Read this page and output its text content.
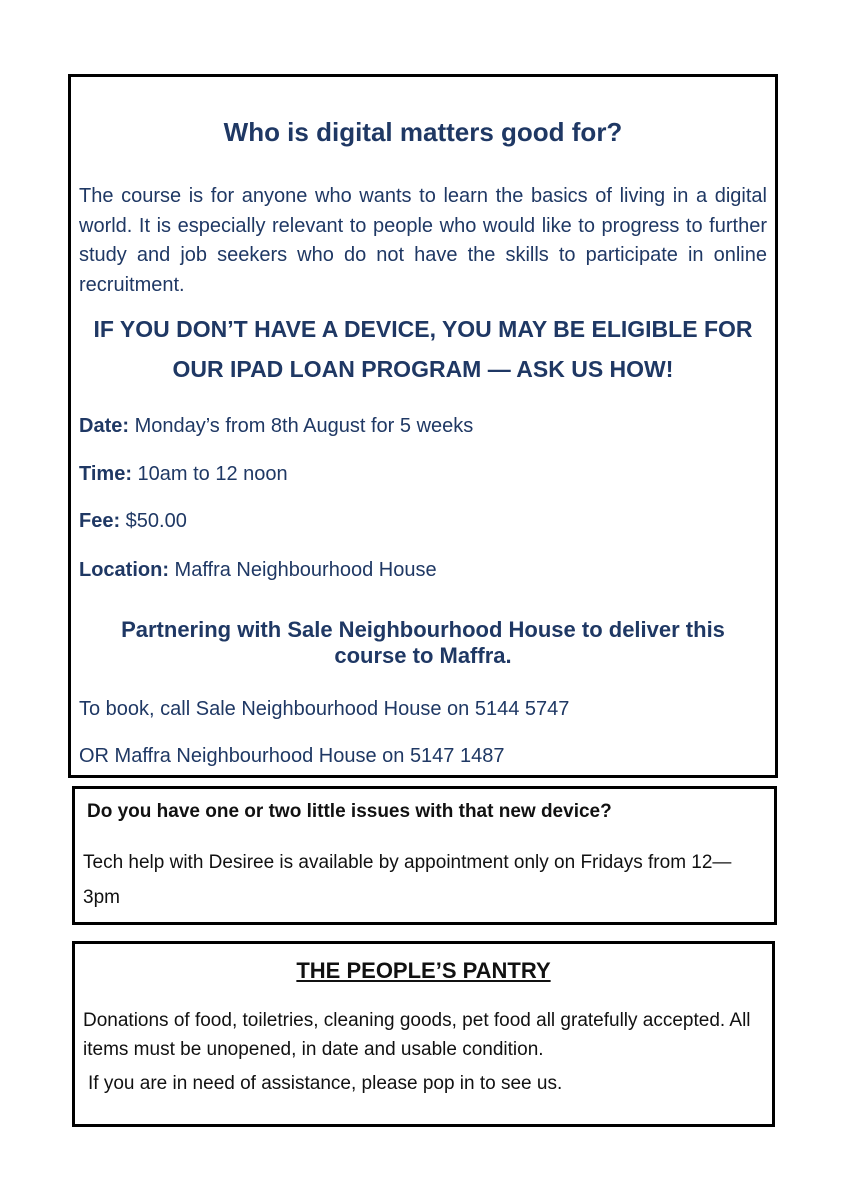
Who is digital matters good for?
The course is for anyone who wants to learn the basics of living in a digital world. It is especially relevant to people who would like to progress to further study and job seekers who do not have the skills to participate in online recruitment.
IF YOU DON’T HAVE A DEVICE, YOU MAY BE ELIGIBLE FOR
OUR IPAD LOAN PROGRAM — ASK US HOW!
Date: Monday’s from 8th August for 5 weeks
Time: 10am to 12 noon
Fee: $50.00
Location: Maffra Neighbourhood House
Partnering with Sale Neighbourhood House to deliver this
course to Maffra.
To book, call Sale Neighbourhood House on 5144 5747
OR Maffra Neighbourhood House on 5147 1487
Do you have one or two little issues with that new device?
Tech help with Desiree is available by appointment only on Fridays from 12—3pm
THE PEOPLE’S PANTRY
Donations of food, toiletries, cleaning goods, pet food all gratefully accepted. All items must be unopened, in date and usable condition.
If you are in need of assistance, please pop in to see us.
